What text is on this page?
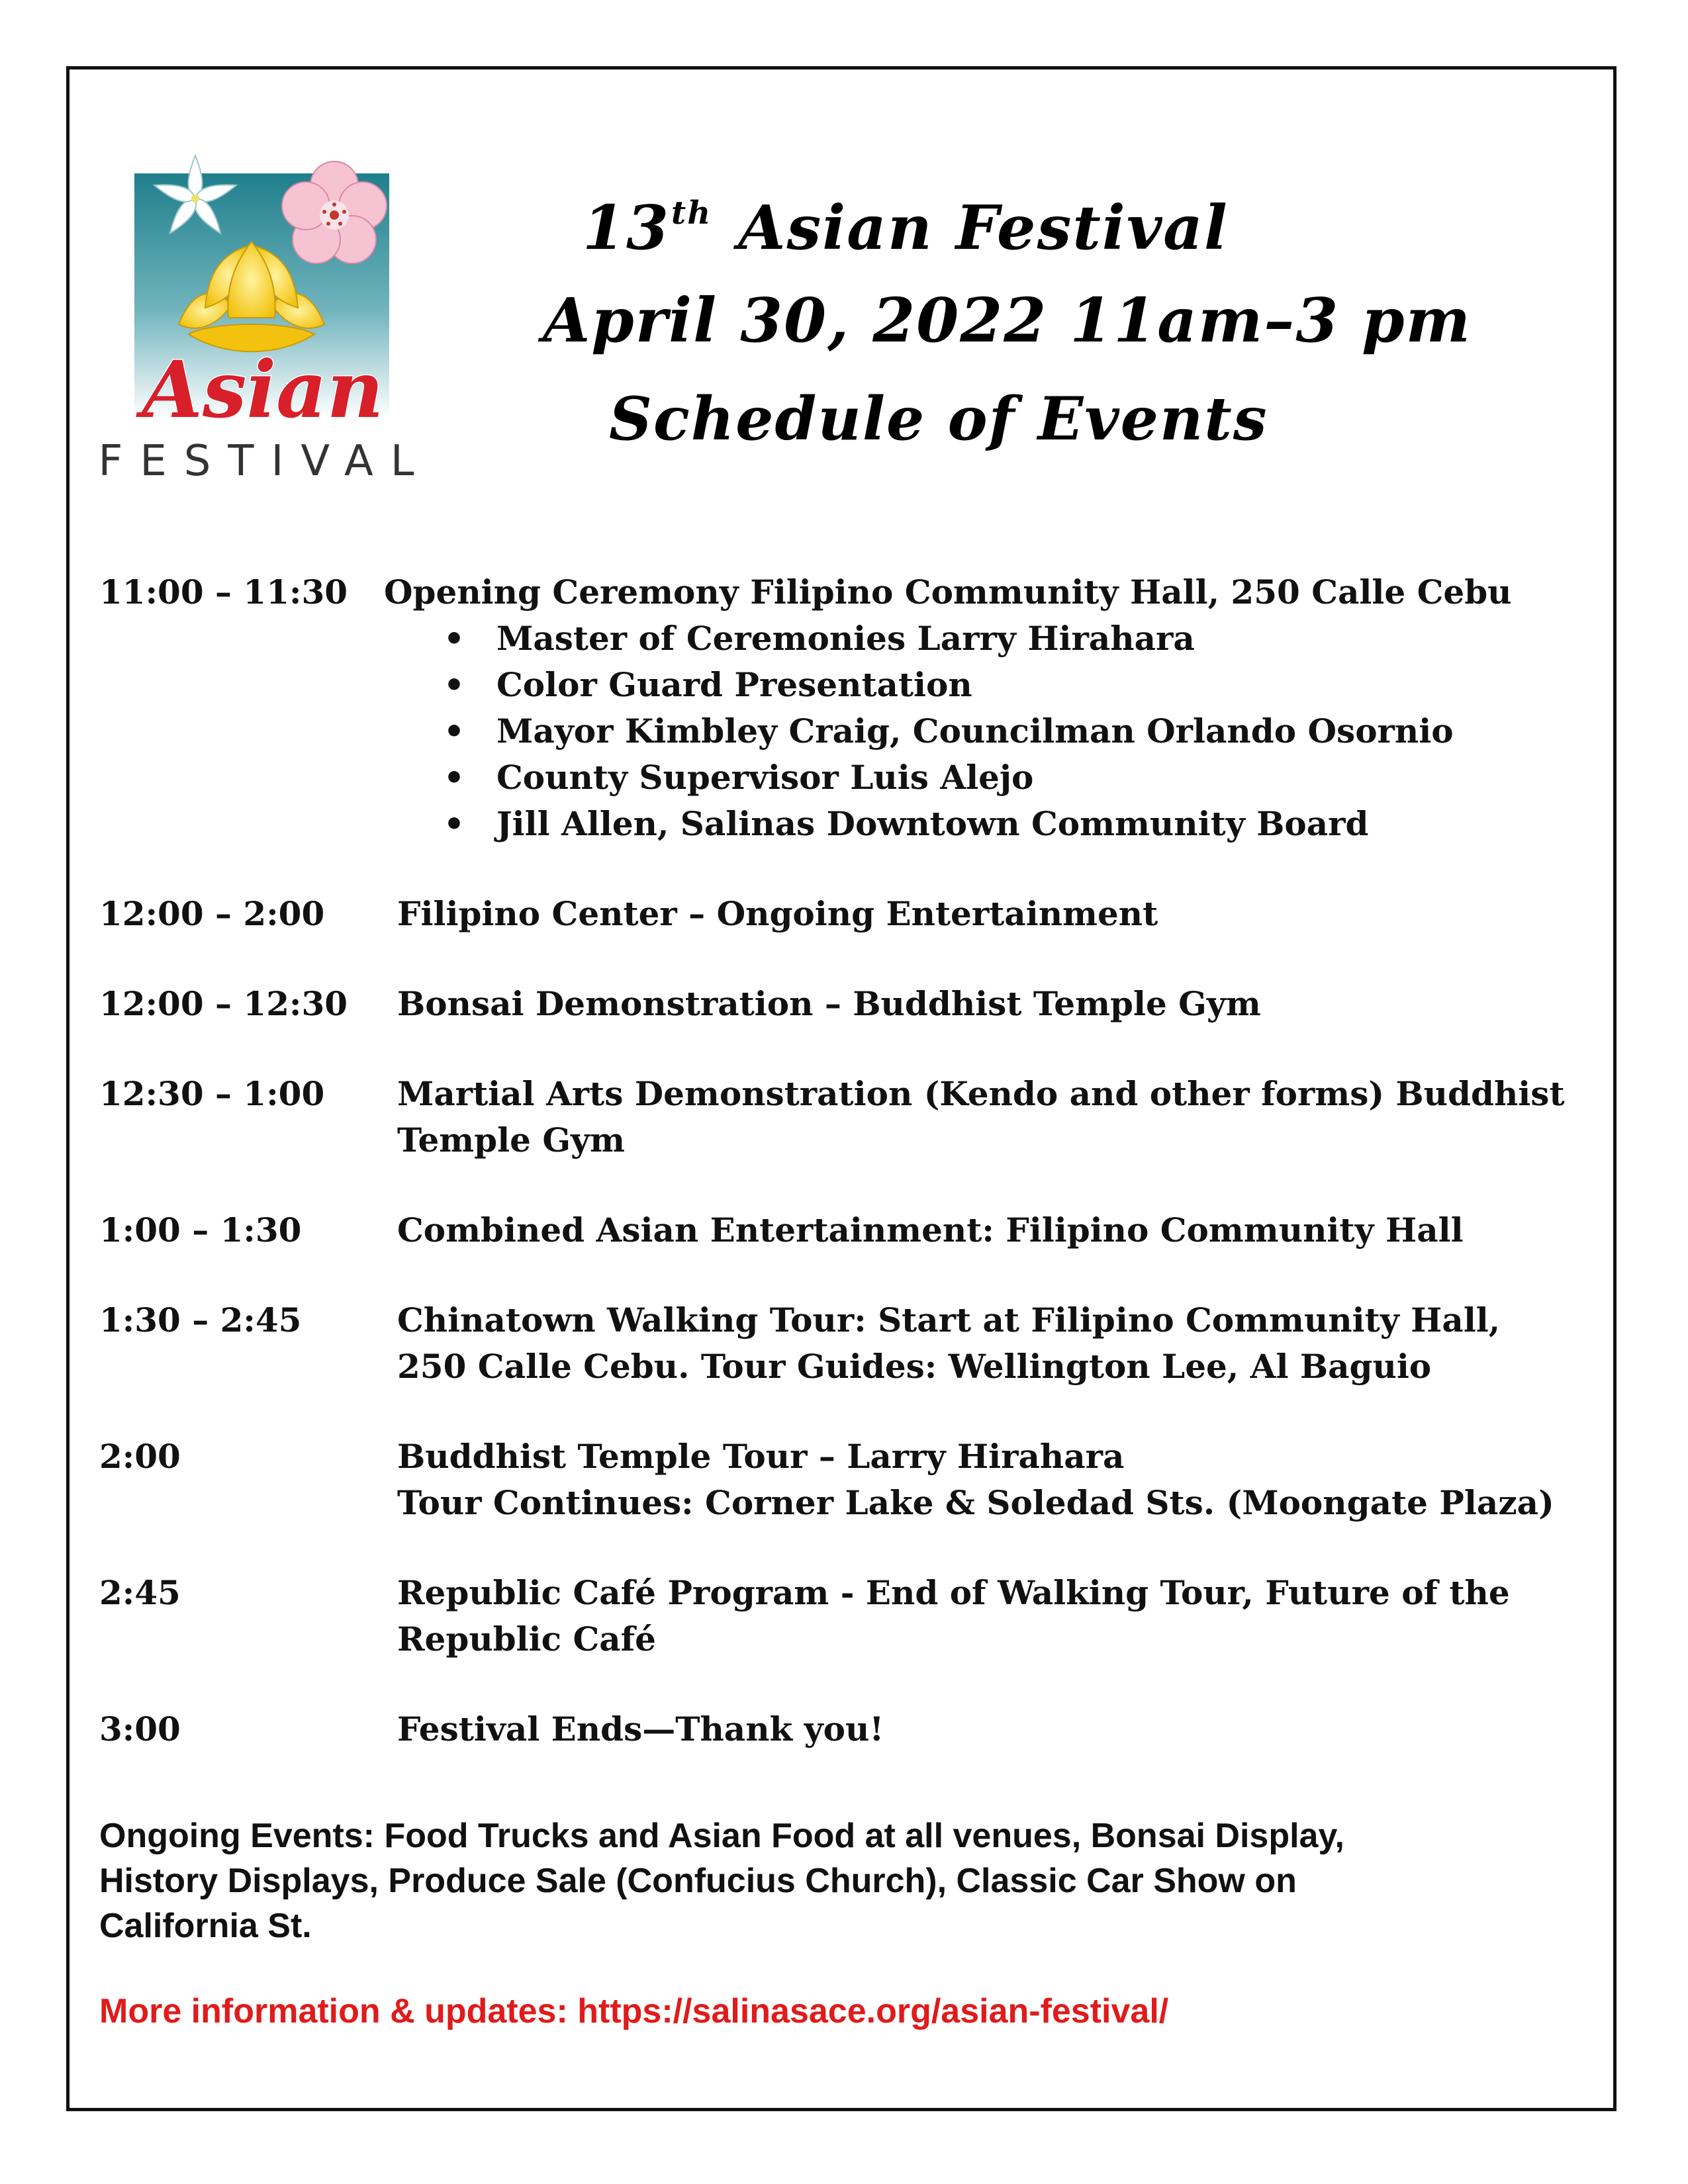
Asian
FESTIVAL
13th Asian Festival
April 30, 2022 11am–3 pm
Schedule of Events
11:00 – 11:30	Opening Ceremony Filipino Community Hall, 250 Calle Cebu
• Master of Ceremonies Larry Hirahara
• Color Guard Presentation
• Mayor Kimbley Craig, Councilman Orlando Osornio
• County Supervisor Luis Alejo
• Jill Allen, Salinas Downtown Community Board
12:00 – 2:00	Filipino Center – Ongoing Entertainment
12:00 – 12:30	Bonsai Demonstration – Buddhist Temple Gym
12:30 – 1:00	Martial Arts Demonstration (Kendo and other forms) Buddhist
Temple Gym
1:00 – 1:30	Combined Asian Entertainment: Filipino Community Hall
1:30 – 2:45	Chinatown Walking Tour: Start at Filipino Community Hall,
250 Calle Cebu. Tour Guides: Wellington Lee, Al Baguio
2:00	Buddhist Temple Tour – Larry Hirahara
Tour Continues: Corner Lake & Soledad Sts. (Moongate Plaza)
2:45	Republic Café Program - End of Walking Tour, Future of the
Republic Café
3:00	Festival Ends—Thank you!
Ongoing Events: Food Trucks and Asian Food at all venues, Bonsai Display,
History Displays, Produce Sale (Confucius Church), Classic Car Show on
California St.
More information & updates: https://salinasace.org/asian-festival/
